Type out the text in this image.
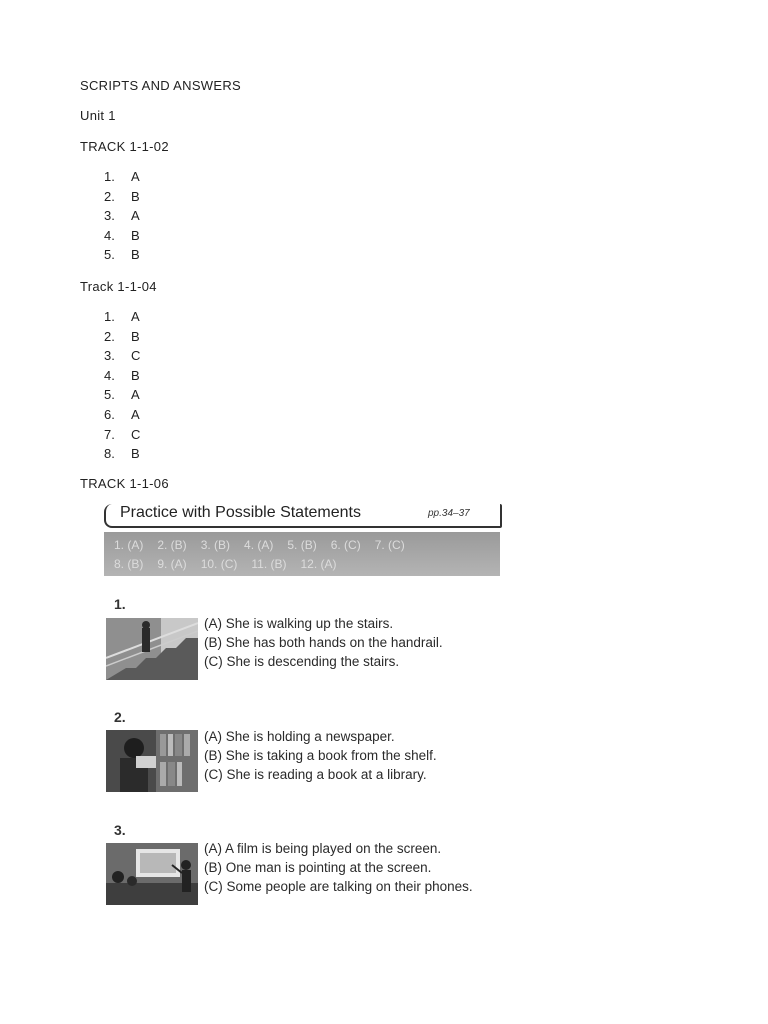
SCRIPTS AND ANSWERS
Unit 1
TRACK 1-1-02
1.	A
2.	B
3.	A
4.	B
5.	B
Track 1-1-04
1.	A
2.	B
3.	C
4.	B
5.	A
6.	A
7.	C
8.	B
TRACK 1-1-06
Practice with Possible Statements	pp.34–37
1. (A) 2. (B) 3. (B) 4. (A) 5. (B) 6. (C) 7. (C)
8. (B) 9. (A) 10. (C) 11. (B) 12. (A)
1.
(A) She is walking up the stairs.
(B) She has both hands on the handrail.
(C) She is descending the stairs.
2.
(A) She is holding a newspaper.
(B) She is taking a book from the shelf.
(C) She is reading a book at a library.
3.
(A) A film is being played on the screen.
(B) One man is pointing at the screen.
(C) Some people are talking on their phones.
